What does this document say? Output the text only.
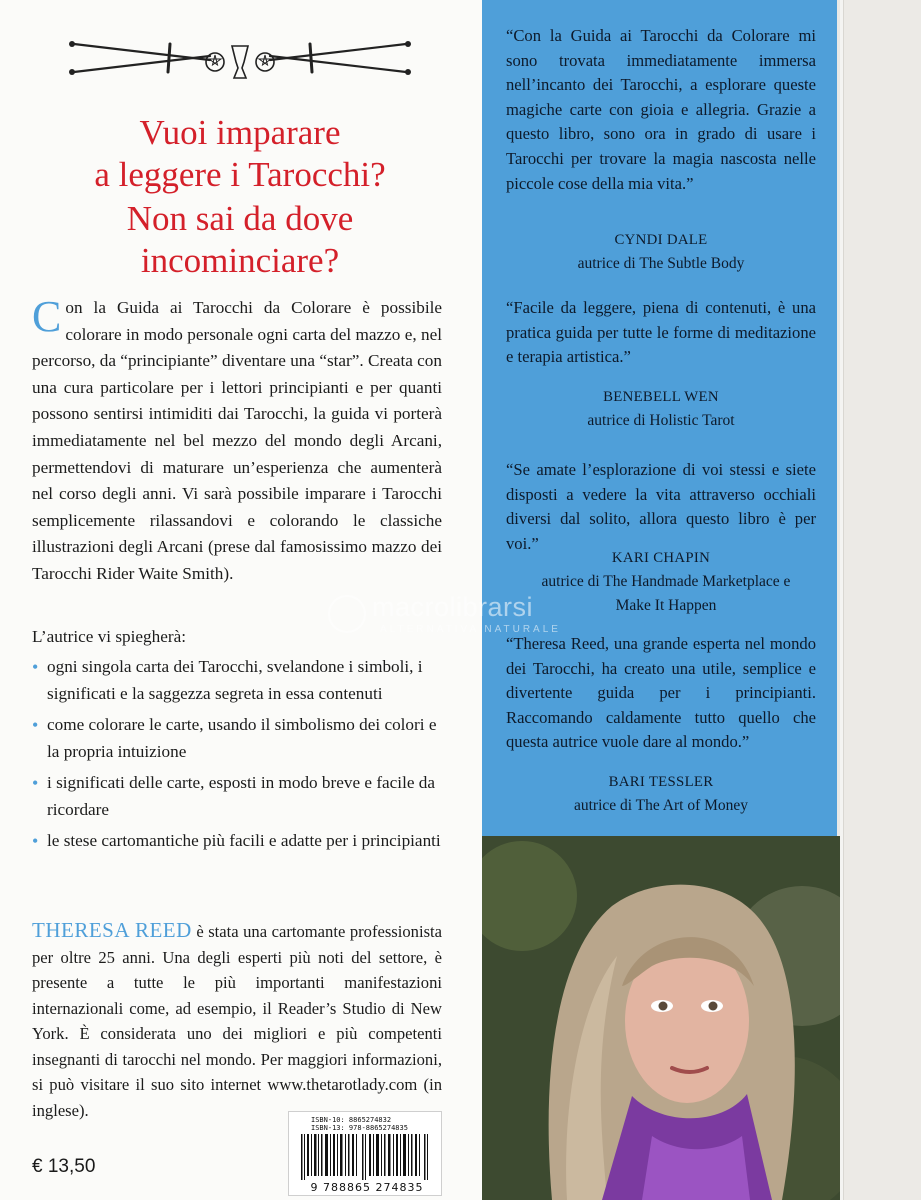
Vuoi imparare
a leggere i Tarocchi?
Non sai da dove
incominciare?
Con la Guida ai Tarocchi da Colorare è possibile colorare in modo personale ogni carta del mazzo e, nel percorso, da “principiante” diventare una “star”. Creata con una cura particolare per i lettori principianti e per quanti possono sentirsi intimiditi dai Tarocchi, la guida vi porterà immediatamente nel bel mezzo del mondo degli Arcani, permettendovi di maturare un’esperienza che aumenterà nel corso degli anni. Vi sarà possibile imparare i Tarocchi semplicemente rilassandovi e colorando le classiche illustrazioni degli Arcani (prese dal famosissimo mazzo dei Tarocchi Rider Waite Smith).
L’autrice vi spiegherà:
• ogni singola carta dei Tarocchi, svelandone i simboli, i significati e la saggezza segreta in essa contenuti
• come colorare le carte, usando il simbolismo dei colori e la propria intuizione
• i significati delle carte, esposti in modo breve e facile da ricordare
• le stese cartomantiche più facili e adatte per i principianti
THERESA REED è stata una cartomante professionista per oltre 25 anni. Una degli esperti più noti del settore, è presente a tutte le più importanti manifestazioni internazionali come, ad esempio, il Reader’s Studio di New York. È considerata uno dei migliori e più competenti insegnanti di tarocchi nel mondo. Per maggiori informazioni, si può visitare il suo sito internet www.thetarotlady.com (in inglese).
ISBN-10: 8865274832
ISBN-13: 978-8865274835
9 788865 274835
€ 13,50
“Con la Guida ai Tarocchi da Colorare mi sono trovata immediatamente immersa nell’incanto dei Tarocchi, a esplorare queste magiche carte con gioia e allegria. Grazie a questo libro, sono ora in grado di usare i Tarocchi per trovare la magia nascosta nelle piccole cose della mia vita.”
CYNDI DALE
autrice di The Subtle Body
“Facile da leggere, piena di contenuti, è una pratica guida per tutte le forme di meditazione e terapia artistica.”
BENEBELL WEN
autrice di Holistic Tarot
“Se amate l’esplorazione di voi stessi e siete disposti a vedere la vita attraverso occhiali diversi dal solito, allora questo libro è per voi.”
KARI CHAPIN
autrice di The Handmade Marketplace e Make It Happen
“Theresa Reed, una grande esperta nel mondo dei Tarocchi, ha creato una utile, semplice e divertente guida per i principianti. Raccomando caldamente tutto quello che questa autrice vuole dare al mondo.”
BARI TESSLER
autrice di The Art of Money
macrolibrarsi
ALTERNATIVA NATURALE
